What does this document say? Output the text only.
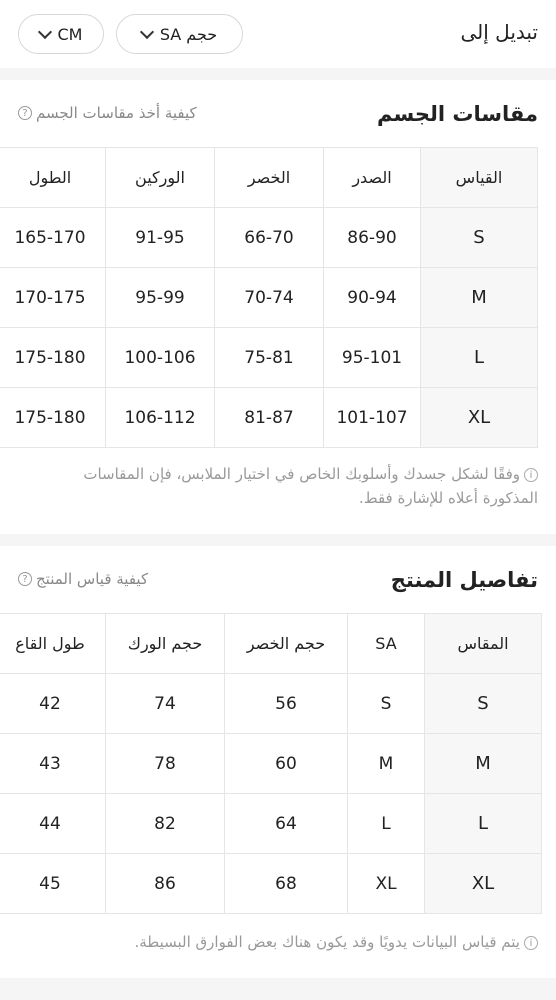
CM	SA حجم	تبديل إلى
مقاسات الجسم
كيفية أخذ مقاسات الجسم
?
الطول	الوركين	الخصر	الصدر	القياس
165-170	91-95	66-70	86-90	S
170-175	95-99	70-74	90-94	M
175-180	100-106	75-81	95-101	L
175-180	106-112	81-87	101-107	XL
iوفقًا لشكل جسدك وأسلوبك الخاص في اختيار الملابس، فإن المقاسات
المذكورة أعلاه للإشارة فقط.
تفاصيل المنتج
كيفية قياس المنتج
?
طول القاع	حجم الورك	حجم الخصر	SA	المقاس
42	74	56	S	S
43	78	60	M	M
44	82	64	L	L
45	86	68	XL	XL
iيتم قياس البيانات يدويًا وقد يكون هناك بعض الفوارق البسيطة.
